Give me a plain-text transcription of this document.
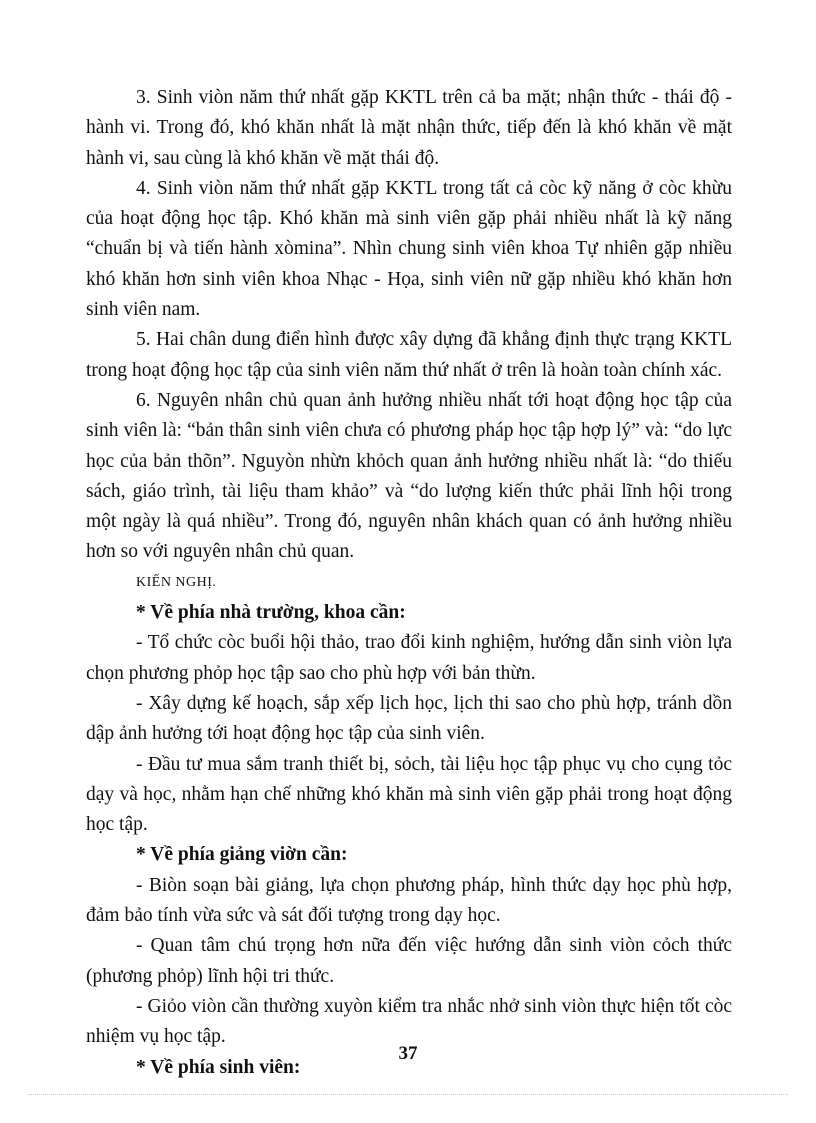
3. Sinh viòn năm thứ nhất gặp KKTL trên cả ba mặt; nhận thức - thái độ - hành vi. Trong đó, khó khăn nhất là mặt nhận thức, tiếp đến là khó khăn về mặt hành vi, sau cùng là khó khăn về mặt thái độ.

4. Sinh viòn năm thứ nhất gặp KKTL trong tất cả còc kỹ năng ở còc khừu của hoạt động học tập. Khó khăn mà sinh viên gặp phải nhiều nhất là kỹ năng “chuẩn bị và tiến hành xòmina”. Nhìn chung sinh viên khoa Tự nhiên gặp nhiều khó khăn hơn sinh viên khoa Nhạc - Họa, sinh viên nữ gặp nhiều khó khăn hơn sinh viên nam.

5. Hai chân dung điển hình được xây dựng đã khẳng định thực trạng KKTL trong hoạt động học tập của sinh viên năm thứ nhất ở trên là hoàn toàn chính xác.

6. Nguyên nhân chủ quan ảnh hưởng nhiều nhất tới hoạt động học tập của sinh viên là: “bản thân sinh viên chưa có phương pháp học tập hợp lý” và: “do lực học của bản thõn”. Nguyòn nhừn khỏch quan ảnh hưởng nhiều nhất là: “do thiếu sách, giáo trình, tài liệu tham khảo” và “do lượng kiến thức phải lĩnh hội trong một ngày là quá nhiều”. Trong đó, nguyên nhân khách quan có ảnh hưởng nhiều hơn so với nguyên nhân chủ quan.

KIẾN NGHỊ.

* Về phía nhà trường, khoa cần:

- Tổ chức còc buổi hội thảo, trao đổi kinh nghiệm, hướng dẫn sinh viòn lựa chọn phương phỏp học tập sao cho phù hợp với bản thừn.

- Xây dựng kế hoạch, sắp xếp lịch học, lịch thi sao cho phù hợp, tránh dồn dập ảnh hưởng tới hoạt động học tập của sinh viên.

- Đầu tư mua sắm tranh thiết bị, sỏch, tài liệu học tập phục vụ cho cụng tỏc dạy và học, nhằm hạn chế những khó khăn mà sinh viên gặp phải trong hoạt động học tập.

* Về phía giảng viờn cần:

- Biòn soạn bài giảng, lựa chọn phương pháp, hình thức dạy học phù hợp, đảm bảo tính vừa sức và sát đối tượng trong dạy học.

- Quan tâm chú trọng hơn nữa đến việc hướng dẫn sinh viòn cỏch thức (phương phỏp) lĩnh hội tri thức.

- Giỏo viòn cần thường xuyòn kiểm tra nhắc nhở sinh viòn thực hiện tốt còc nhiệm vụ học tập.

* Về phía sinh viên:

37
